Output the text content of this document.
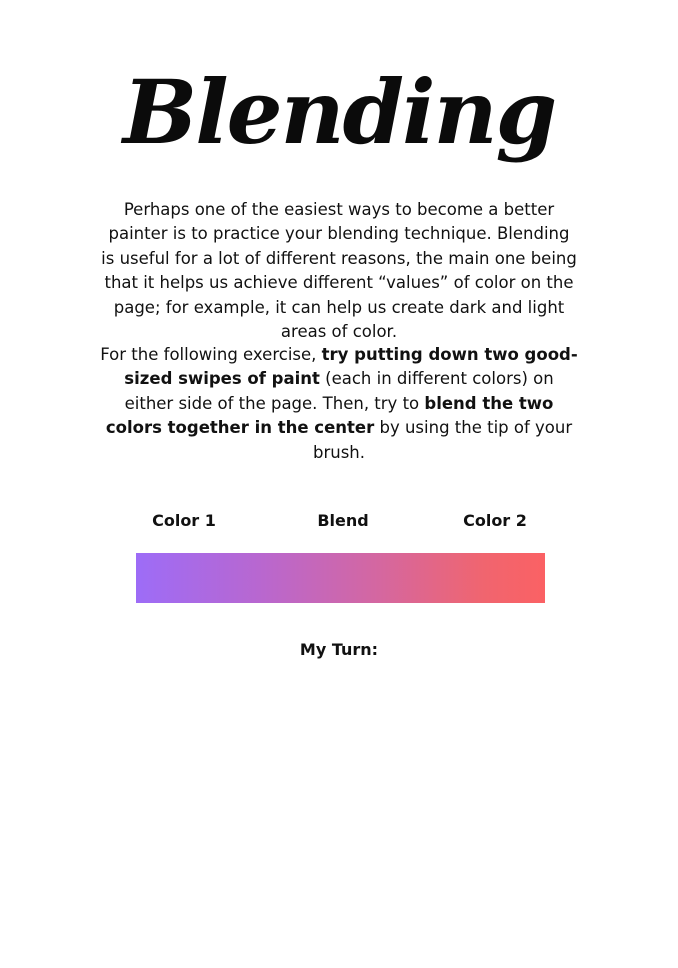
Blending

Perhaps one of the easiest ways to become a better painter is to practice your blending technique. Blending is useful for a lot of different reasons, the main one being that it helps us achieve different “values” of color on the page; for example, it can help us create dark and light areas of color.

For the following exercise, try putting down two good-sized swipes of paint (each in different colors) on either side of the page. Then, try to blend the two colors together in the center by using the tip of your brush.

Color 1	Blend	Color 2
My Turn:
